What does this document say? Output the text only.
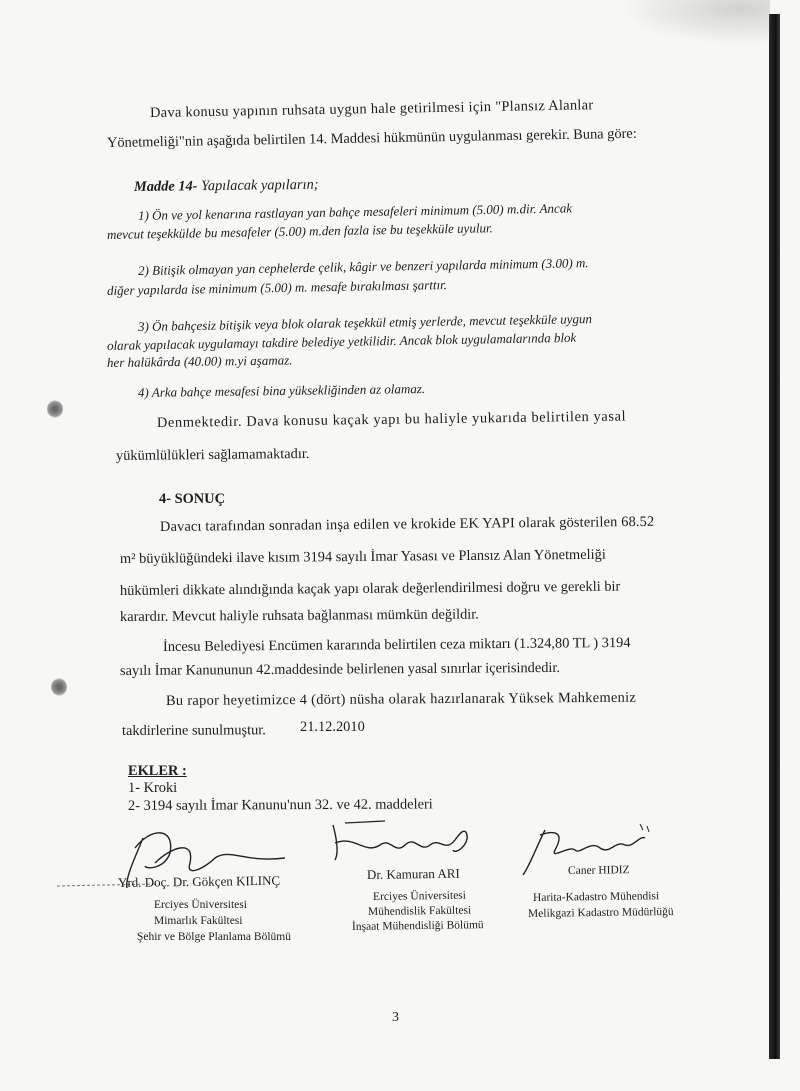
Dava konusu yapının ruhsata uygun hale getirilmesi için "Plansız Alanlar
Yönetmeliği"nin aşağıda belirtilen 14. Maddesi hükmünün uygulanması gerekir. Buna göre:
Madde 14- Yapılacak yapıların;
1) Ön ve yol kenarına rastlayan yan bahçe mesafeleri minimum (5.00) m.dir. Ancak
mevcut teşekkülde bu mesafeler (5.00) m.den fazla ise bu teşekküle uyulur.
2) Bitişik olmayan yan cephelerde çelik, kâgir ve benzeri yapılarda minimum (3.00) m.
diğer yapılarda ise minimum (5.00) m. mesafe bırakılması şarttır.
3) Ön bahçesiz bitişik veya blok olarak teşekkül etmiş yerlerde, mevcut teşekküle uygun
olarak yapılacak uygulamayı takdire belediye yetkilidir. Ancak blok uygulamalarında blok
her halükârda (40.00) m.yi aşamaz.
4) Arka bahçe mesafesi bina yüksekliğinden az olamaz.
Denmektedir. Dava konusu kaçak yapı bu haliyle yukarıda belirtilen yasal
yükümlülükleri sağlamamaktadır.
4- SONUÇ
Davacı tarafından sonradan inşa edilen ve krokide EK YAPI olarak gösterilen 68.52
m² büyüklüğündeki ilave kısım 3194 sayılı İmar Yasası ve Plansız Alan Yönetmeliği
hükümleri dikkate alındığında kaçak yapı olarak değerlendirilmesi doğru ve gerekli bir
karardır. Mevcut haliyle ruhsata bağlanması mümkün değildir.
İncesu Belediyesi Encümen kararında belirtilen ceza miktarı (1.324,80 TL ) 3194
sayılı İmar Kanununun 42.maddesinde belirlenen yasal sınırlar içerisindedir.
Bu rapor heyetimizce 4 (dört) nüsha olarak hazırlanarak Yüksek Mahkemeniz
takdirlerine sunulmuştur. 21.12.2010
EKLER :
1- Kroki
2- 3194 sayılı İmar Kanunu'nun 32. ve 42. maddeleri
Yrd. Doç. Dr. Gökçen KILINÇ
Erciyes Üniversitesi
Mimarlık Fakültesi
Şehir ve Bölge Planlama Bölümü
Dr. Kamuran ARI
Erciyes Üniversitesi
Mühendislik Fakültesi
İnşaat Mühendisliği Bölümü
Caner HIDIZ
Harita-Kadastro Mühendisi
Melikgazi Kadastro Müdürlüğü
3
